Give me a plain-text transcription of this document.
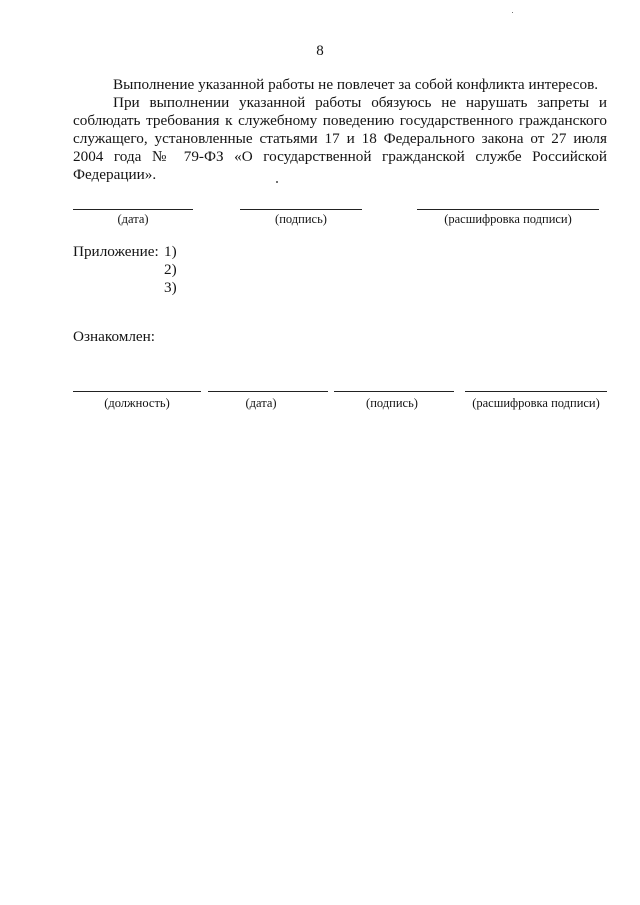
8

Выполнение указанной работы не повлечет за собой конфликта интересов.

При выполнении указанной работы обязуюсь не нарушать запреты и соблюдать требования к служебному поведению государственного гражданского служащего, установленные статьями 17 и 18 Федерального закона от 27 июля 2004 года № 79-ФЗ «О государственной гражданской службе Российской Федерации».

(дата)	(подпись)	(расшифровка подписи)
Приложение: 1)
2)
3)
Ознакомлен:
(должность)	(дата)	(подпись)	(расшифровка подписи)
